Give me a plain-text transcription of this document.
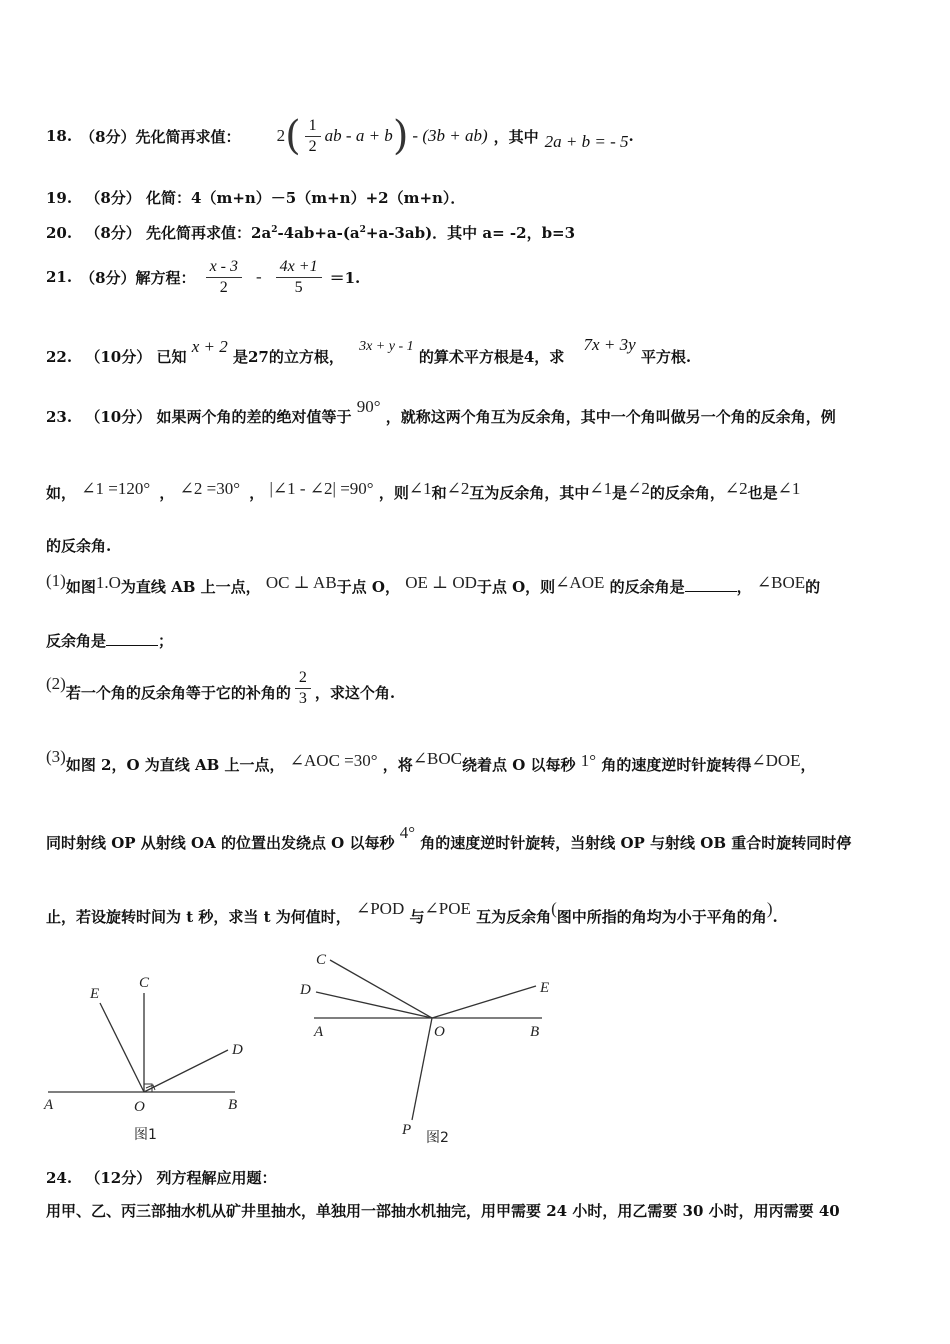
18. （8分） 先化简再求值： 2 ( $\frac{1}{2}$ ab - a + b ) - (3b + ab) ，其中 2a + b = - 5 .
19. （8分） 化简：4（m+n）－5（m+n）+2（m+n）．
20. （8分） 先化简再求值：$2a^2-4ab+a-(a^2+a-3ab)$．其中 a= -2，b=3
21. （8分） 解方程： $\frac{x - 3}{2} - \frac{4x +1}{5} =1$.
22. （10分） 已知 x + 2 是27的立方根， 3x + y - 1 的算术平方根是4，求 7x + 3y 平方根.
23. （10分） 如果两个角的差的绝对值等于 90° ，就称这两个角互为反余角，其中一个角叫做另一个角的反余角，例
如， ∠1 =120° ， ∠2 =30° ， |∠1 - ∠2| =90° ，则∠1和∠2互为反余角，其中∠1是∠2的反余角，∠2也是∠1
的反余角.
(1)如图1.O为直线 AB 上一点， OC ⊥ AB于点 O， OE ⊥ OD于点 O，则∠AOE 的反余角是	， ∠BOE的
反余角是	；
(2) 若一个角的反余角等于它的补角的 $\frac{2}{3}$ ，求这个角.
(3)如图 2，O 为直线 AB 上一点， ∠AOC =30° ，将∠BOC绕着点 O 以每秒 1° 角的速度逆时针旋转得∠DOE，
同时射线 OP 从射线 OA 的位置出发绕点 O 以每秒 4° 角的速度逆时针旋转，当射线 OP 与射线 OB 重合时旋转同时停
止，若设旋转时间为 t 秒，求当 t 为何值时， ∠POD 与∠POE 互为反余角(图中所指的角均为小于平角的角).
E
C
D
A	O	B
图1
C
D	E
A	O	B
P 图2
24. （12分） 列方程解应用题：
用甲、乙、丙三部抽水机从矿井里抽水，单独用一部抽水机抽完，用甲需要 24 小时，用乙需要 30 小时，用丙需要 40
